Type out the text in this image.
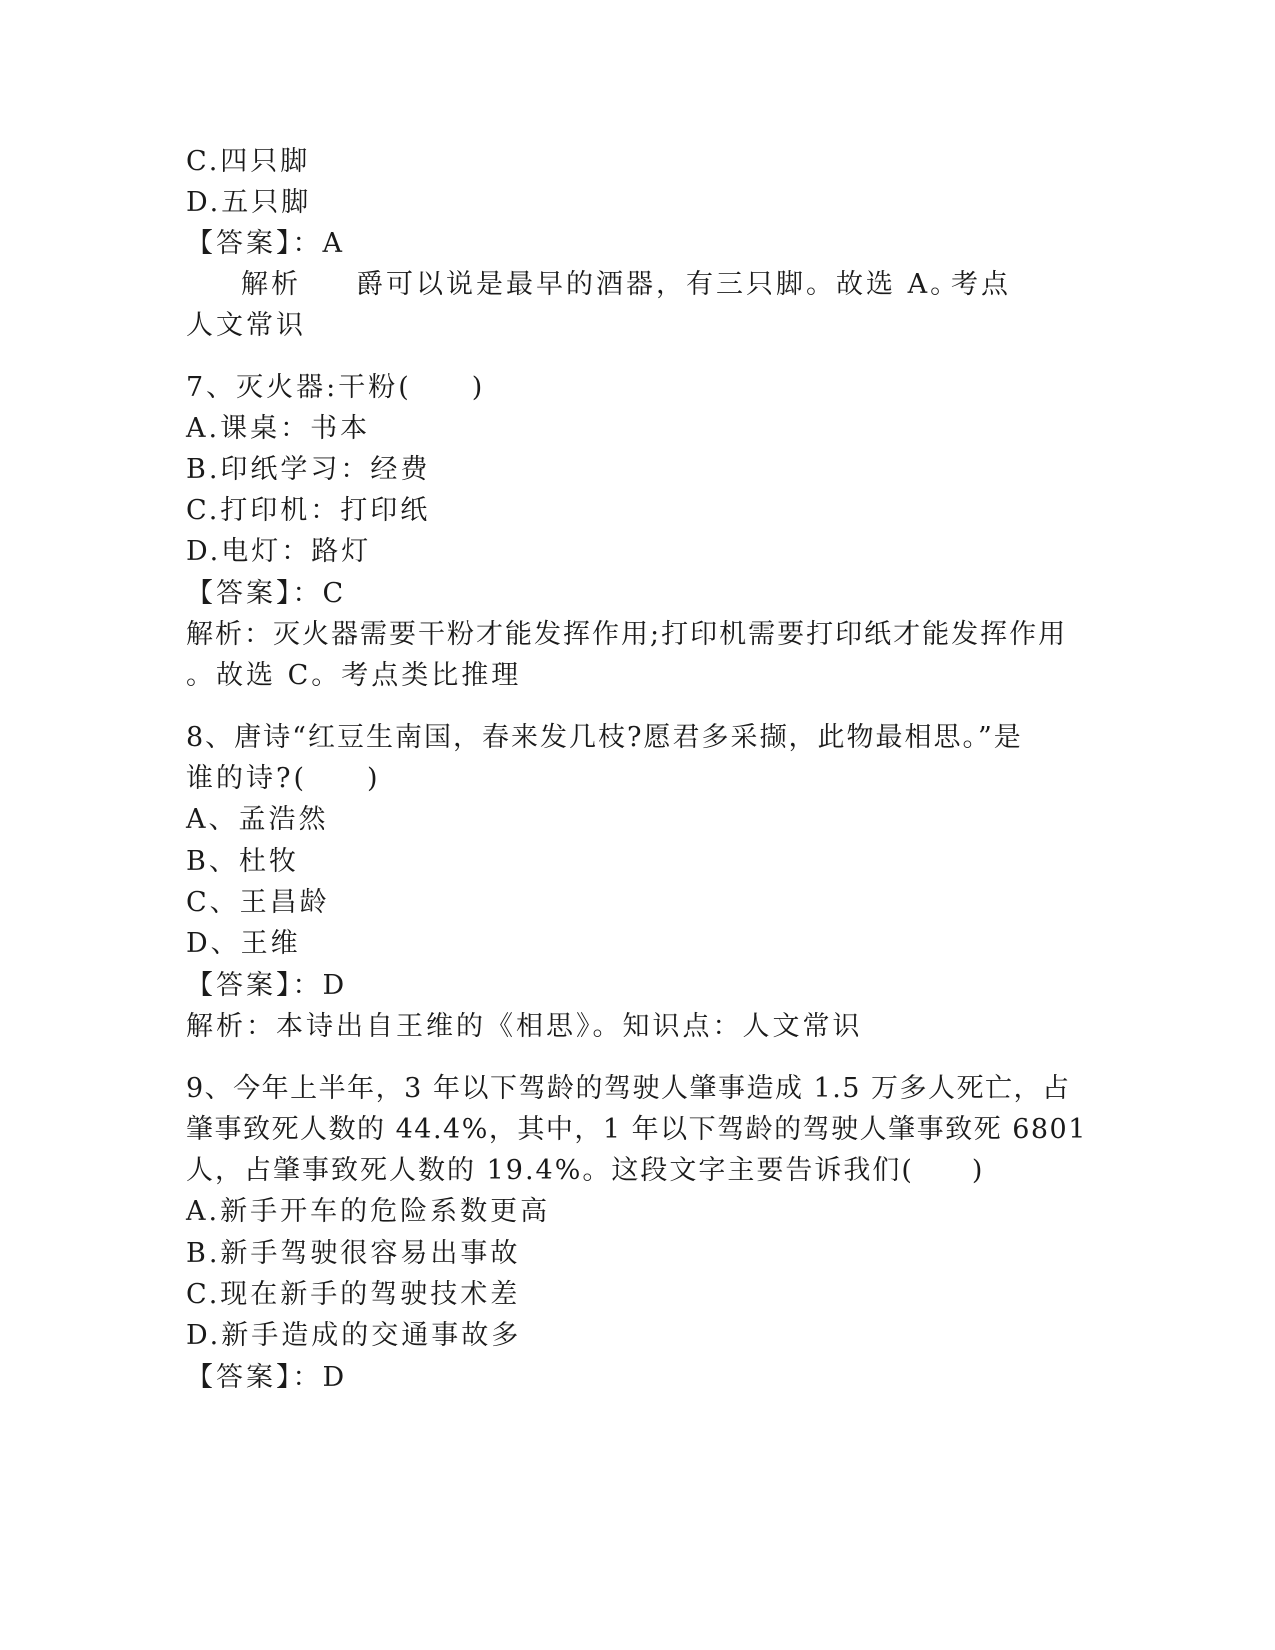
C.四只脚
D.五只脚
【答案】：A

解析

爵可以说是最早的酒器，有三只脚。故选 A。

考点

人文常识
7、灭火器:干粉(　　)
A.课桌：书本
B.印纸学习：经费
C.打印机：打印纸
D.电灯：路灯
【答案】：C
解析：灭火器需要干粉才能发挥作用;打印机需要打印纸才能发挥作用
。故选 C。考点类比推理
8、唐诗“红豆生南国，春来发几枝?愿君多采撷，此物最相思。”是
谁的诗?(　　)
A、孟浩然
B、杜牧
C、王昌龄
D、王维
【答案】：D
解析：本诗出自王维的《相思》。知识点：人文常识
9、今年上半年，3 年以下驾龄的驾驶人肇事造成 1.5 万多人死亡，占
肇事致死人数的 44.4%，其中，1 年以下驾龄的驾驶人肇事致死 6801
人，占肇事致死人数的 19.4%。这段文字主要告诉我们(　　)
A.新手开车的危险系数更高
B.新手驾驶很容易出事故
C.现在新手的驾驶技术差
D.新手造成的交通事故多
【答案】：D
